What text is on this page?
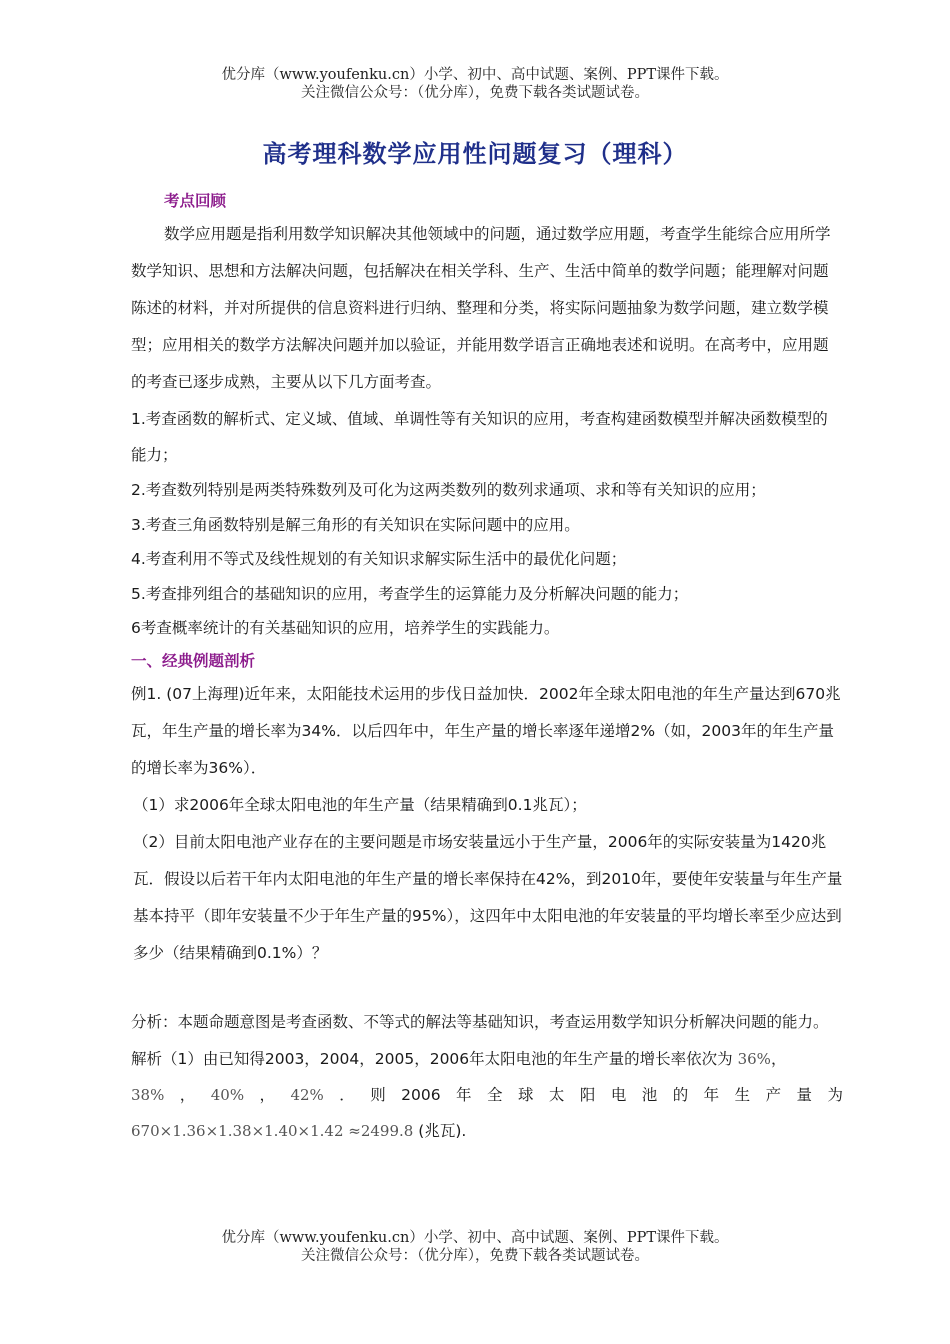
优分库（www.youfenku.cn）小学、初中、高中试题、案例、PPT课件下载。
关注微信公众号：（优分库），免费下载各类试题试卷。
高考理科数学应用性问题复习（理科）
考点回顾

数学应用题是指利用数学知识解决其他领域中的问题，通过数学应用题，考查学生能综合应用所学数学知识、思想和方法解决问题，包括解决在相关学科、生产、生活中简单的数学问题；能理解对问题陈述的材料，并对所提供的信息资料进行归纳、整理和分类，将实际问题抽象为数学问题，建立数学模型；应用相关的数学方法解决问题并加以验证，并能用数学语言正确地表述和说明。在高考中，应用题的考查已逐步成熟，主要从以下几方面考查。

1.考查函数的解析式、定义域、值域、单调性等有关知识的应用，考查构建函数模型并解决函数模型的能力；

2.考查数列特别是两类特殊数列及可化为这两类数列的数列求通项、求和等有关知识的应用；

3.考查三角函数特别是解三角形的有关知识在实际问题中的应用。

4.考查利用不等式及线性规划的有关知识求解实际生活中的最优化问题；

5.考查排列组合的基础知识的应用，考查学生的运算能力及分析解决问题的能力；

6考查概率统计的有关基础知识的应用，培养学生的实践能力。

一、经典例题剖析

例1. (07上海理)近年来，太阳能技术运用的步伐日益加快．2002年全球太阳电池的年生产量达到670兆瓦，年生产量的增长率为34%．以后四年中，年生产量的增长率逐年递增2%（如，2003年的年生产量的增长率为36%）．

（1）求2006年全球太阳电池的年生产量（结果精确到0.1兆瓦）；

（2）目前太阳电池产业存在的主要问题是市场安装量远小于生产量，2006年的实际安装量为1420兆瓦．假设以后若干年内太阳电池的年生产量的增长率保持在42%，到2010年，要使年安装量与年生产量基本持平（即年安装量不少于年生产量的95%），这四年中太阳电池的年安装量的平均增长率至少应达到多少（结果精确到0.1%）？

分析：本题命题意图是考查函数、不等式的解法等基础知识，考查运用数学知识分析解决问题的能力。

解析（1）由已知得2003，2004，2005，2006年太阳电池的年生产量的增长率依次为 36%，
38% ， 40% ， 42% ． 则 2006 年 全 球 太 阳 电 池 的 年 生 产 量 为
670×1.36×1.38×1.40×1.42 ≈2499.8 (兆瓦).
优分库（www.youfenku.cn）小学、初中、高中试题、案例、PPT课件下载。
关注微信公众号：（优分库），免费下载各类试题试卷。
